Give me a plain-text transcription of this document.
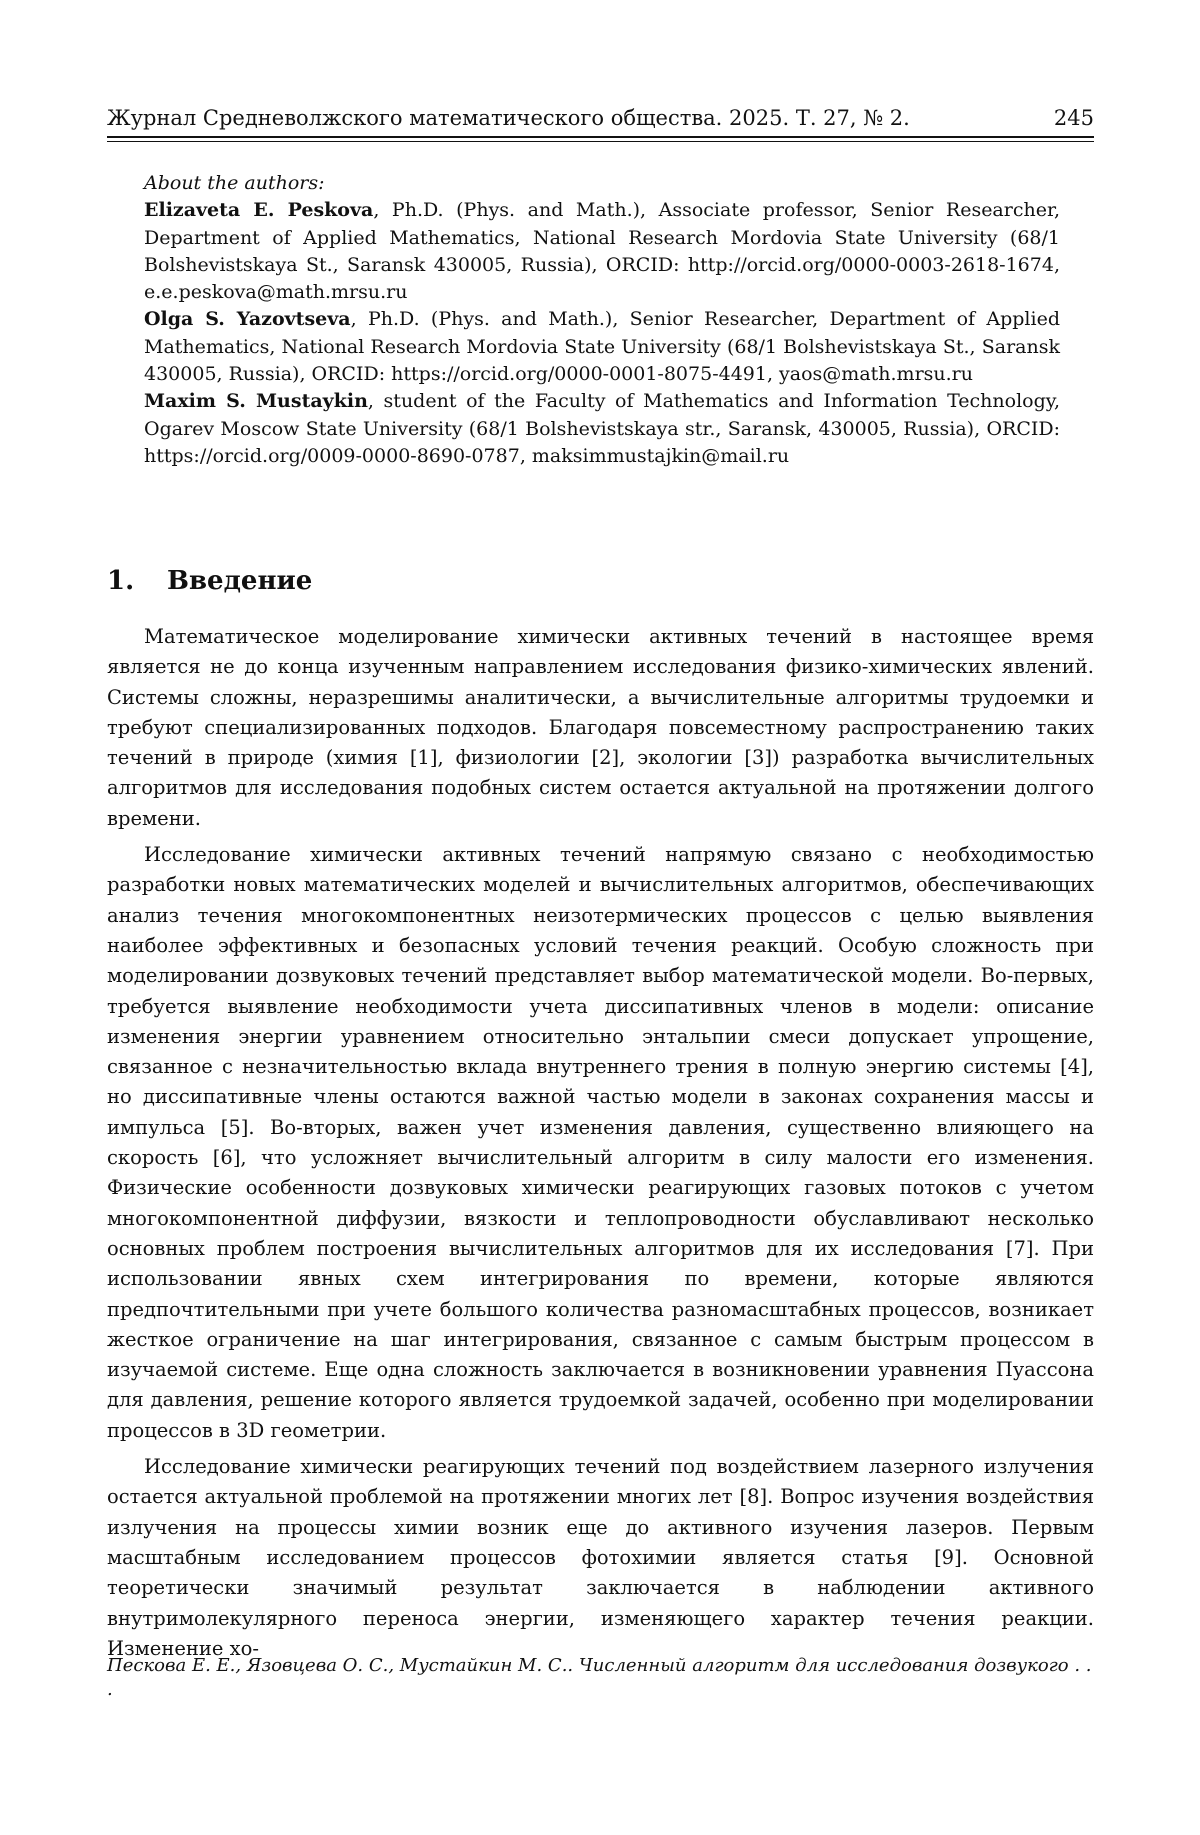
Журнал Средневолжского математического общества. 2025. Т. 27, № 2.	245
About the authors:

Elizaveta E. Peskova, Ph.D. (Phys. and Math.), Associate professor, Senior Researcher, Department of Applied Mathematics, National Research Mordovia State University (68/1 Bolshevistskaya St., Saransk 430005, Russia), ORCID: http://orcid.org/0000-0003-2618-1674, e.e.peskova@math.mrsu.ru

Olga S. Yazovtseva, Ph.D. (Phys. and Math.), Senior Researcher, Department of Applied Mathematics, National Research Mordovia State University (68/1 Bolshevistskaya St., Saransk 430005, Russia), ORCID: https://orcid.org/0000-0001-8075-4491, yaos@math.mrsu.ru

Maxim S. Mustaykin, student of the Faculty of Mathematics and Information Technology, Ogarev Moscow State University (68/1 Bolshevistskaya str., Saransk, 430005, Russia), ORCID: https://orcid.org/0009-0000-8690-0787, maksimmustajkin@mail.ru

1. Введение

Математическое моделирование химически активных течений в настоящее время является не до конца изученным направлением исследования физико-химических явлений. Системы сложны, неразрешимы аналитически, а вычислительные алгоритмы трудоемки и требуют специализированных подходов. Благодаря повсеместному распространению таких течений в природе (химия [1], физиологии [2], экологии [3]) разработка вычислительных алгоритмов для исследования подобных систем остается актуальной на протяжении долгого времени.

Исследование химически активных течений напрямую связано с необходимостью разработки новых математических моделей и вычислительных алгоритмов, обеспечивающих анализ течения многокомпонентных неизотермических процессов с целью выявления наиболее эффективных и безопасных условий течения реакций. Особую сложность при моделировании дозвуковых течений представляет выбор математической модели. Во-первых, требуется выявление необходимости учета диссипативных членов в модели: описание изменения энергии уравнением относительно энтальпии смеси допускает упрощение, связанное с незначительностью вклада внутреннего трения в полную энергию системы [4], но диссипативные члены остаются важной частью модели в законах сохранения массы и импульса [5]. Во-вторых, важен учет изменения давления, существенно влияющего на скорость [6], что усложняет вычислительный алгоритм в силу малости его изменения. Физические особенности дозвуковых химически реагирующих газовых потоков с учетом многокомпонентной диффузии, вязкости и теплопроводности обуславливают несколько основных проблем построения вычислительных алгоритмов для их исследования [7]. При использовании явных схем интегрирования по времени, которые являются предпочтительными при учете большого количества разномасштабных процессов, возникает жесткое ограничение на шаг интегрирования, связанное с самым быстрым процессом в изучаемой системе. Еще одна сложность заключается в возникновении уравнения Пуассона для давления, решение которого является трудоемкой задачей, особенно при моделировании процессов в 3D геометрии.

Исследование химически реагирующих течений под воздействием лазерного излучения остается актуальной проблемой на протяжении многих лет [8]. Вопрос изучения воздействия излучения на процессы химии возник еще до активного изучения лазеров. Первым масштабным исследованием процессов фотохимии является статья [9]. Основной теоретически значимый результат заключается в наблюдении активного внутримолекулярного переноса энергии, изменяющего характер течения реакции. Изменение хо-

Пескова Е. Е., Язовцева О. С., Мустайкин М. С.. Численный алгоритм для исследования дозвукого . . .
